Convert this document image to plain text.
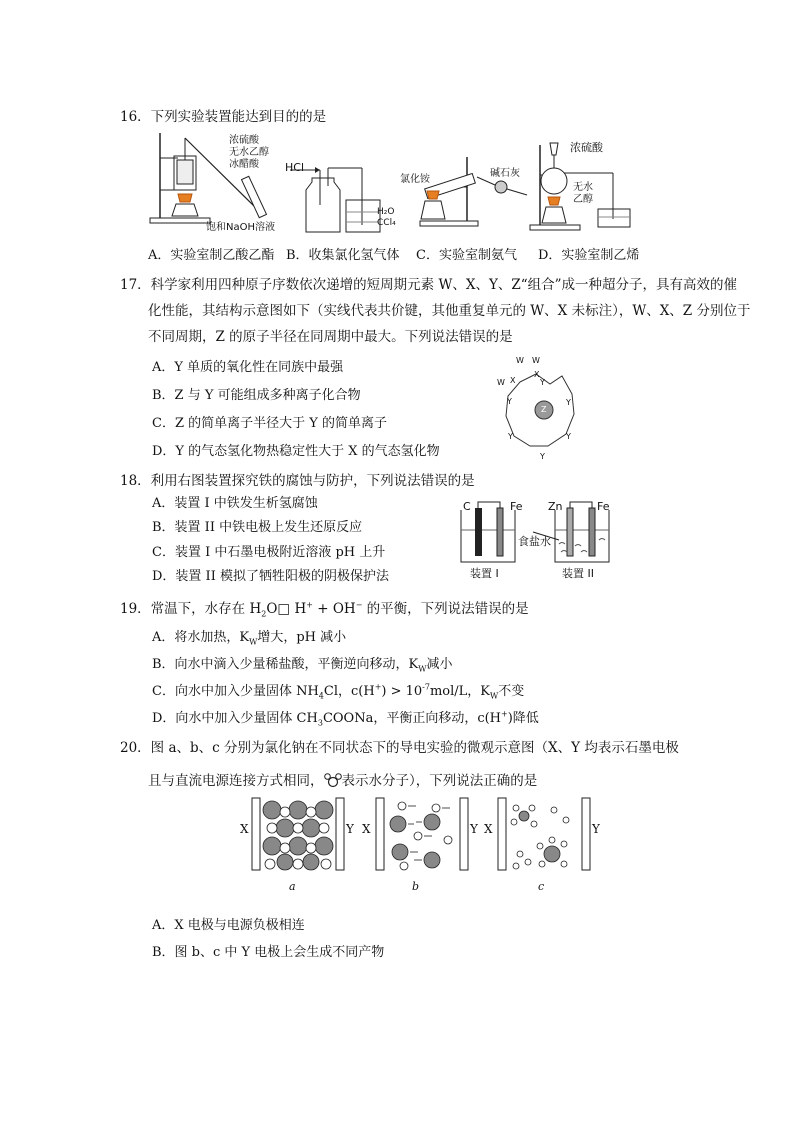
16．下列实验装置能达到目的的是
浓硫酸
无水乙醇
冰醋酸
饱和NaOH溶液
HCl
H₂O
CCl₄
氯化铵
碱石灰
浓硫酸
无水
乙醇
A．实验室制乙酸乙酯 B．收集氯化氢气体 C．实验室制氨气 D．实验室制乙烯
17．科学家利用四种原子序数依次递增的短周期元素 W、X、Y、Z“组合”成一种超分子，具有高效的催
化性能，其结构示意图如下（实线代表共价键，其他重复单元的 W、X 未标注），W、X、Z 分别位于
不同周期，Z 的原子半径在同周期中最大。下列说法错误的是
A．Y 单质的氧化性在同族中最强
B．Z 与 Y 可能组成多种离子化合物
C．Z 的简单离子半径大于 Y 的简单离子
D．Y 的气态氢化物热稳定性大于 X 的气态氢化物
W W
W X
X
Y
Y
Y
Y
Y
Y
Z
18．利用右图装置探究铁的腐蚀与防护，下列说法错误的是
A．装置 I 中铁发生析氢腐蚀
B．装置 II 中铁电极上发生还原反应
C．装置 I 中石墨电极附近溶液 pH 上升
D．装置 II 模拟了牺牲阳极的阴极保护法
C	Fe Zn	Fe
食盐水
装置 I	装置 II
19．常温下，水存在 $H_2O□$ H+ + OH− 的平衡，下列说法错误的是
A．将水加热，$K_W$增大，pH 减小
B．向水中滴入少量稀盐酸，平衡逆向移动，$K_W$减小
C．向水中加入少量固体 $NH_4Cl$，$c(H^+) > 10^{-7}mol/L$，$K_W$不变
D．向水中加入少量固体 $CH_3COONa$，平衡正向移动，c(H+)降低
20．图 a、b、c 分别为氯化钠在不同状态下的导电实验的微观示意图（X、Y 均表示石墨电极
且与直流电源连接方式相同， 表示水分子），下列说法正确的是
X	Y X	Y X	Y
a	b	c
A．X 电极与电源负极相连
B．图 b、c 中 Y 电极上会生成不同产物
